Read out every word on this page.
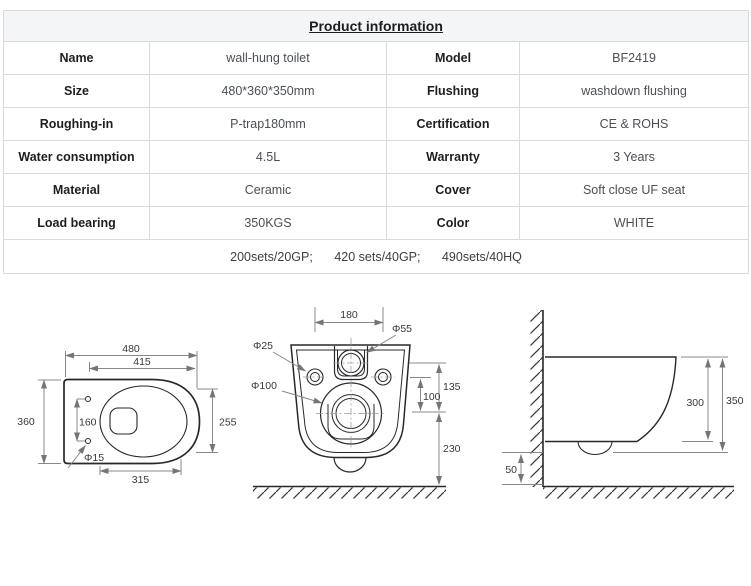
Product information			
Name	wall-hung toilet	Model	BF2419
Size	480*360*350mm	Flushing	washdown flushing
Roughing-in	P-trap180mm	Certification	CE & ROHS
Water consumption	4.5L	Warranty	3 Years
Material	Ceramic	Cover	Soft close UF seat
Load bearing	350KGS	Color	WHITE
200sets/20GP; 420 sets/40GP; 490sets/40HQ			
480
415
360	160
Φ15
315
255
180
Φ55
Φ25
Φ100	135
100
230
300 350
50
